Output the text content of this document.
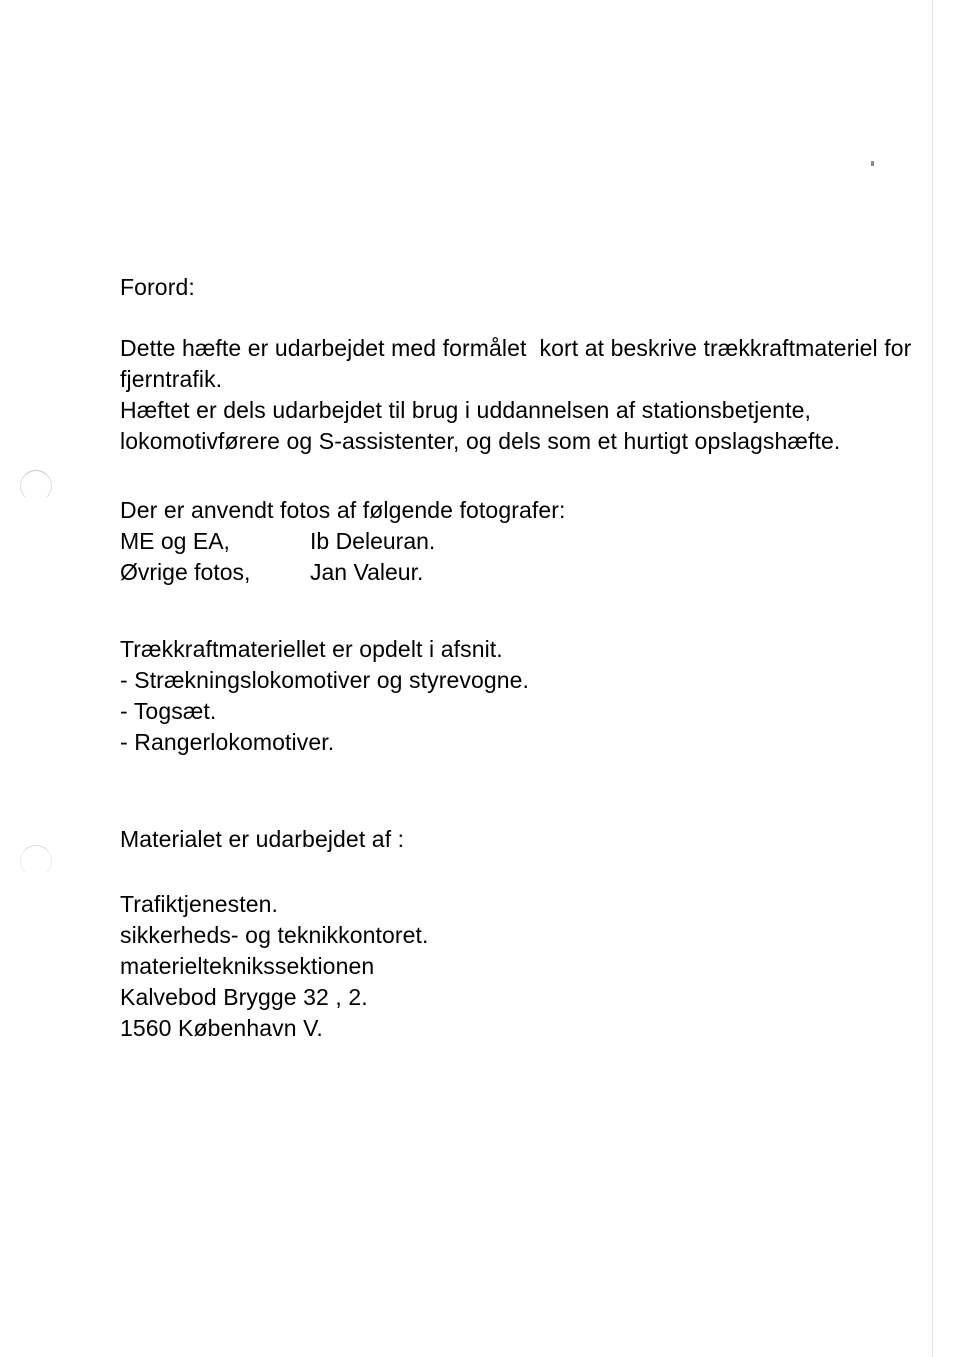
Forord:
Dette hæfte er udarbejdet med formålet  kort at beskrive trækkraftmateriel for
fjerntrafik.
Hæftet er dels udarbejdet til brug i uddannelsen af stationsbetjente,
lokomotivførere og S-assistenter, og dels som et hurtigt opslagshæfte.
Der er anvendt fotos af følgende fotografer:
ME og EA,	Ib Deleuran.
Øvrige fotos,	Jan Valeur.
Trækkraftmateriellet er opdelt i afsnit.
- Strækningslokomotiver og styrevogne.
- Togsæt.
- Rangerlokomotiver.
Materialet er udarbejdet af :
Trafiktjenesten.
sikkerheds- og teknikkontoret.
materielteknikssektionen
Kalvebod Brygge 32 , 2.
1560 København V.
